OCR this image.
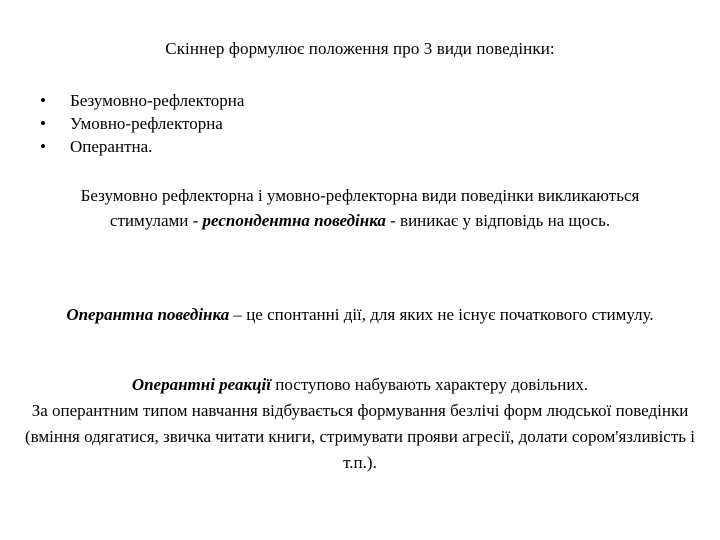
Скіннер формулює положення про 3 види поведінки:
•	Безумовно-рефлекторна
•	Умовно-рефлекторна
•	Оперантна.
Безумовно рефлекторна і умовно-рефлекторна види поведінки викликаються стимулами - респондентна поведінка - виникає у відповідь на щось.
Оперантна поведінка – це спонтанні дії, для яких не існує початкового стимулу.
Оперантні реакції поступово набувають характеру довільних.
За оперантним типом навчання відбувається формування безлічі форм людської поведінки (вміння одягатися, звичка читати книги, стримувати прояви агресії, долати сором'язливість і т.п.).
